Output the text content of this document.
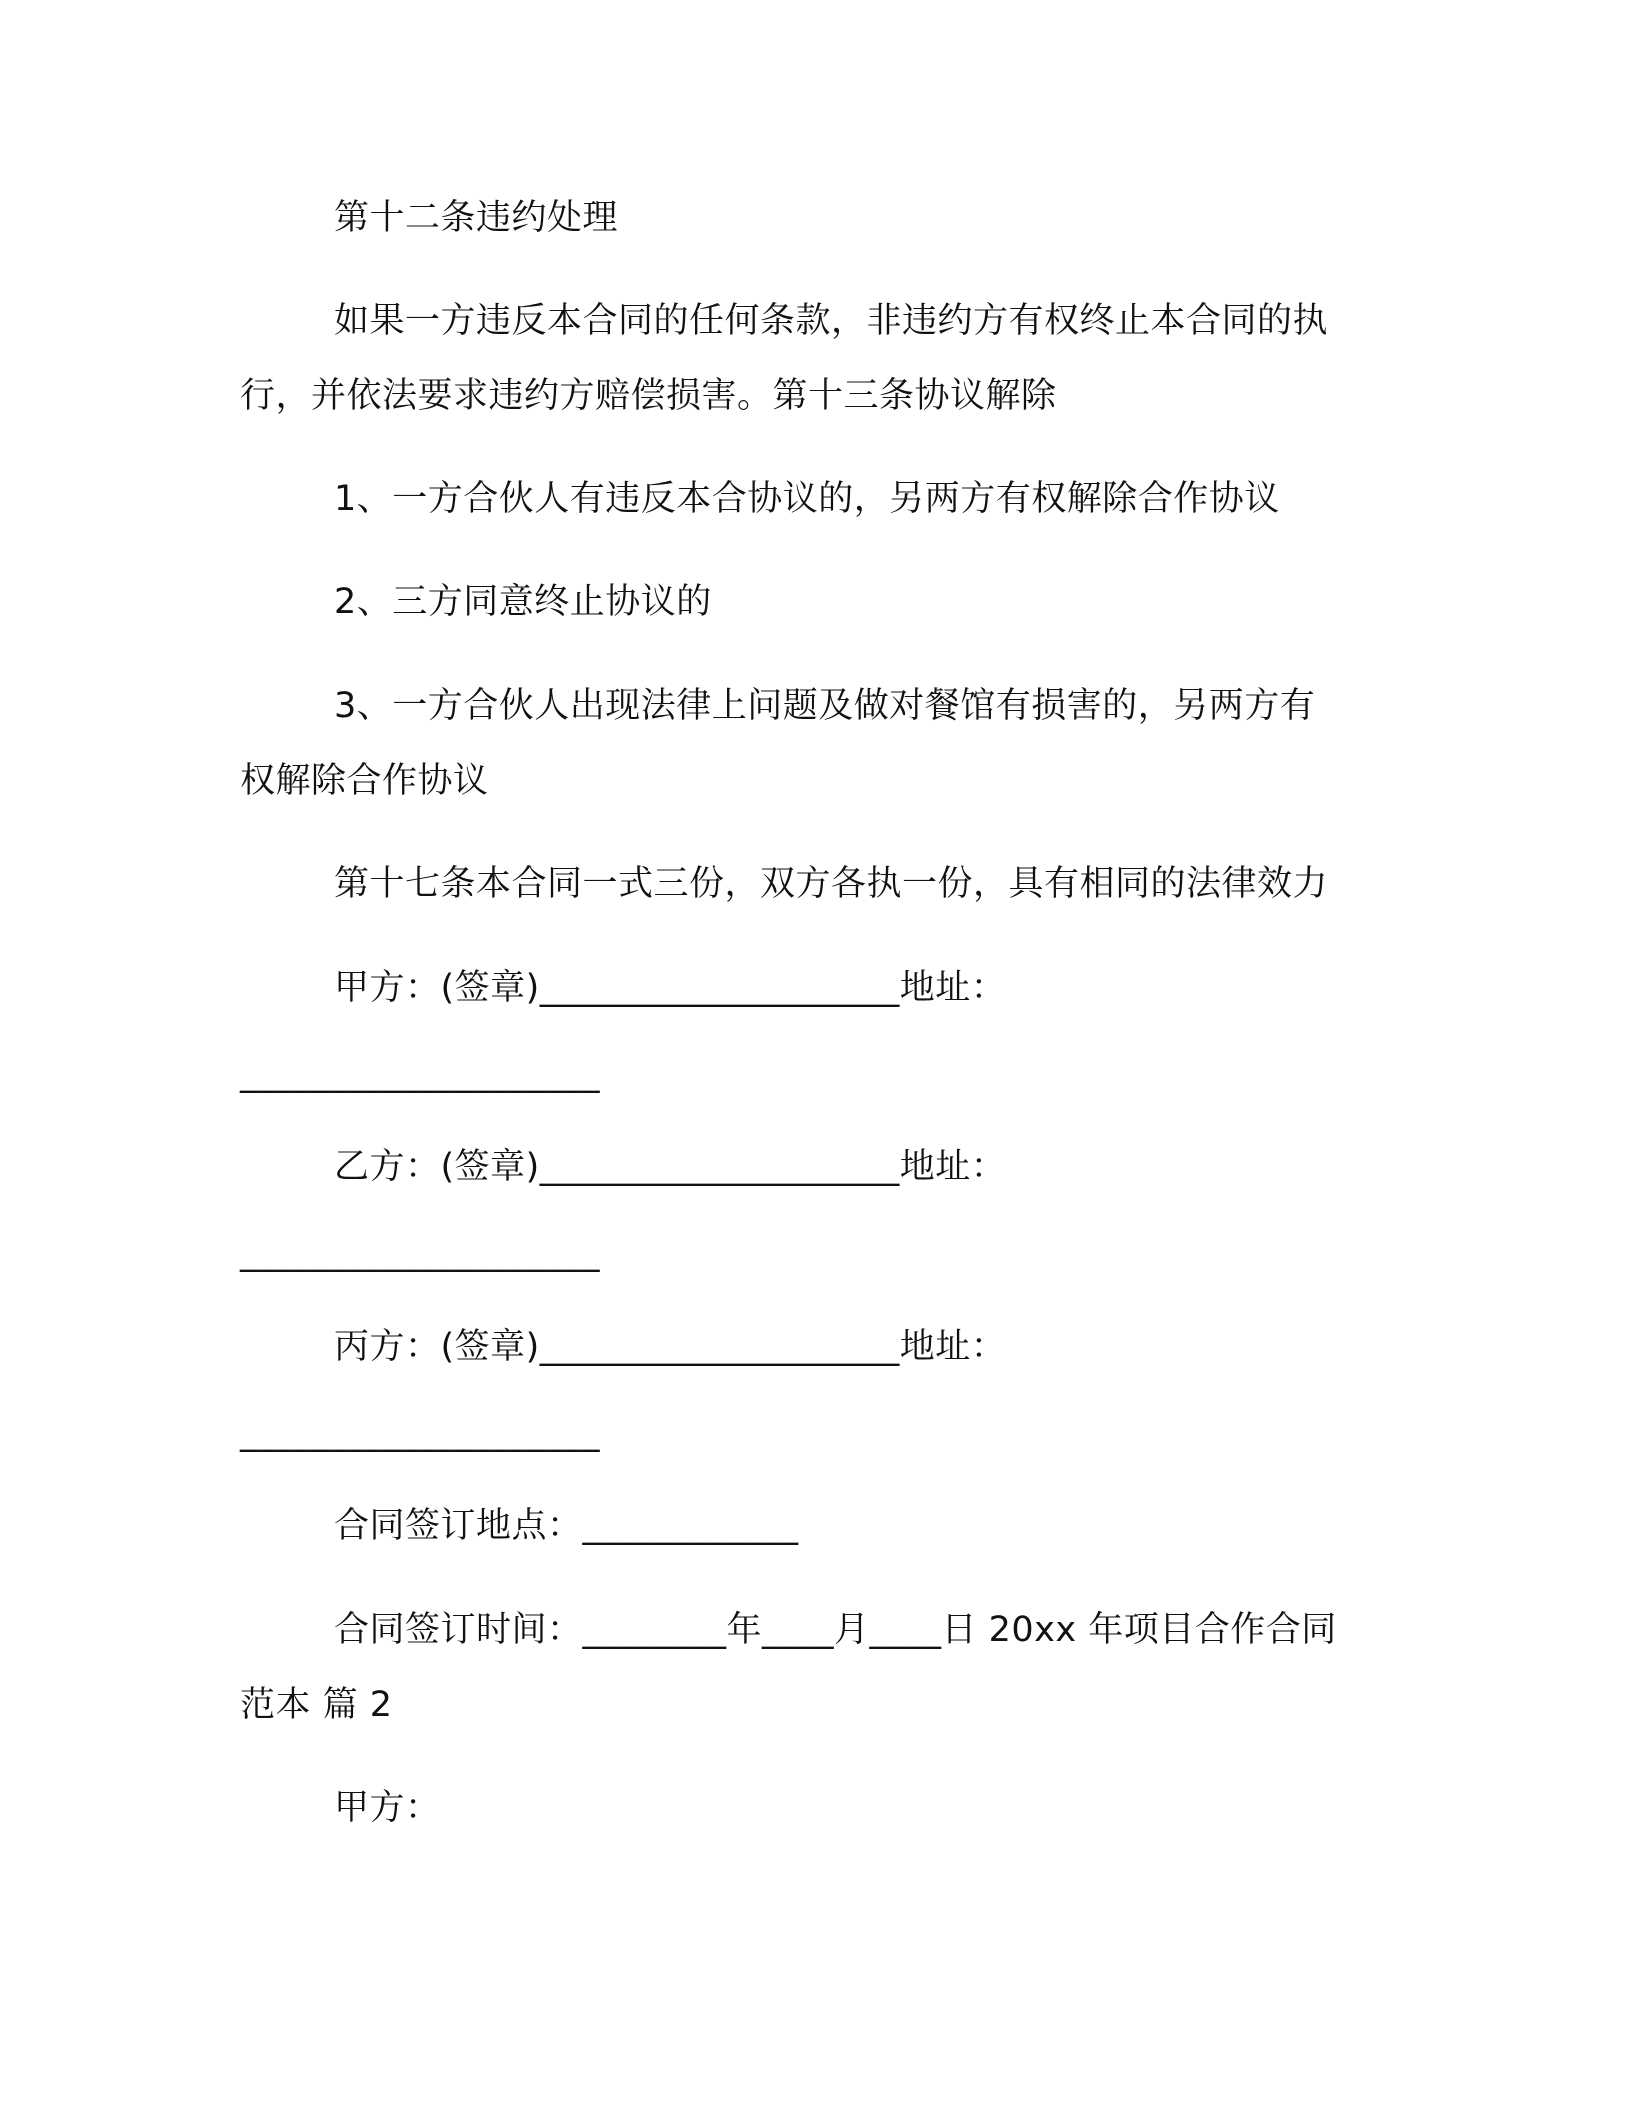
第十二条违约处理
如果一方违反本合同的任何条款，非违约方有权终止本合同的执
行，并依法要求违约方赔偿损害。第十三条协议解除
1、一方合伙人有违反本合协议的，另两方有权解除合作协议
2、三方同意终止协议的
3、一方合伙人出现法律上问题及做对餐馆有损害的，另两方有
权解除合作协议
第十七条本合同一式三份，双方各执一份，具有相同的法律效力
甲方：(签章)____________________地址：
____________________
乙方：(签章)____________________地址：
____________________
丙方：(签章)____________________地址：
____________________
合同签订地点：____________
合同签订时间：________年____月____日 20xx 年项目合作合同
范本 篇 2
甲方：
